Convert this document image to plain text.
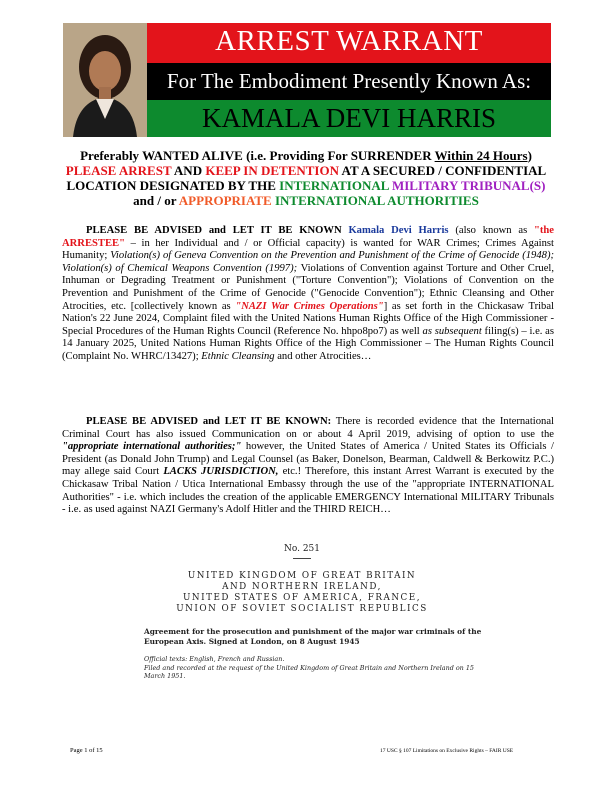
ARREST WARRANT
For The Embodiment Presently Known As:
KAMALA DEVI HARRIS
Preferably WANTED ALIVE (i.e. Providing For SURRENDER Within 24 Hours)
PLEASE ARREST AND KEEP IN DETENTION AT A SECURED / CONFIDENTIAL
LOCATION DESIGNATED BY THE INTERNATIONAL MILITARY TRIBUNAL(S)
and / or APPROPRIATE INTERNATIONAL AUTHORITIES
PLEASE BE ADVISED and LET IT BE KNOWN Kamala Devi Harris (also known as "the ARRESTEE" – in her Individual and / or Official capacity) is wanted for WAR Crimes; Crimes Against Humanity; Violation(s) of Geneva Convention on the Prevention and Punishment of the Crime of Genocide (1948); Violation(s) of Chemical Weapons Convention (1997); Violations of Convention against Torture and Other Cruel, Inhuman or Degrading Treatment or Punishment ("Torture Convention"); Violations of Convention on the Prevention and Punishment of the Crime of Genocide ("Genocide Convention"); Ethnic Cleansing and Other Atrocities, etc. [collectively known as "NAZI War Crimes Operations"] as set forth in the Chickasaw Tribal Nation's 22 June 2024, Complaint filed with the United Nations Human Rights Office of the High Commissioner - Special Procedures of the Human Rights Council (Reference No. hhpo8po7) as well as subsequent filing(s) – i.e. as 14 January 2025, United Nations Human Rights Office of the High Commissioner – The Human Rights Council (Complaint No. WHRC/13427); Ethnic Cleansing and other Atrocities…
PLEASE BE ADVISED and LET IT BE KNOWN: There is recorded evidence that the International Criminal Court has also issued Communication on or about 4 April 2019, advising of option to use the "appropriate international authorities;" however, the United States of America / United States its Officials / President (as Donald John Trump) and Legal Counsel (as Baker, Donelson, Bearman, Caldwell & Berkowitz P.C.) may allege said Court LACKS JURISDICTION, etc.! Therefore, this instant Arrest Warrant is executed by the Chickasaw Tribal Nation / Utica International Embassy through the use of the "appropriate INTERNATIONAL Authorities" - i.e. which includes the creation of the applicable EMERGENCY International MILITARY Tribunals - i.e. as used against NAZI Germany's Adolf Hitler and the THIRD REICH…
No. 251
UNITED KINGDOM OF GREAT BRITAIN
AND NORTHERN IRELAND,
UNITED STATES OF AMERICA, FRANCE,
UNION OF SOVIET SOCIALIST REPUBLICS
Agreement for the prosecution and punishment of the major war criminals of the European Axis. Signed at London, on 8 August 1945
Official texts: English, French and Russian.
Filed and recorded at the request of the United Kingdom of Great Britain and Northern Ireland on 15 March 1951.
Page 1 of 15	17 USC § 107 Limitations on Exclusive Rights – FAIR USE
